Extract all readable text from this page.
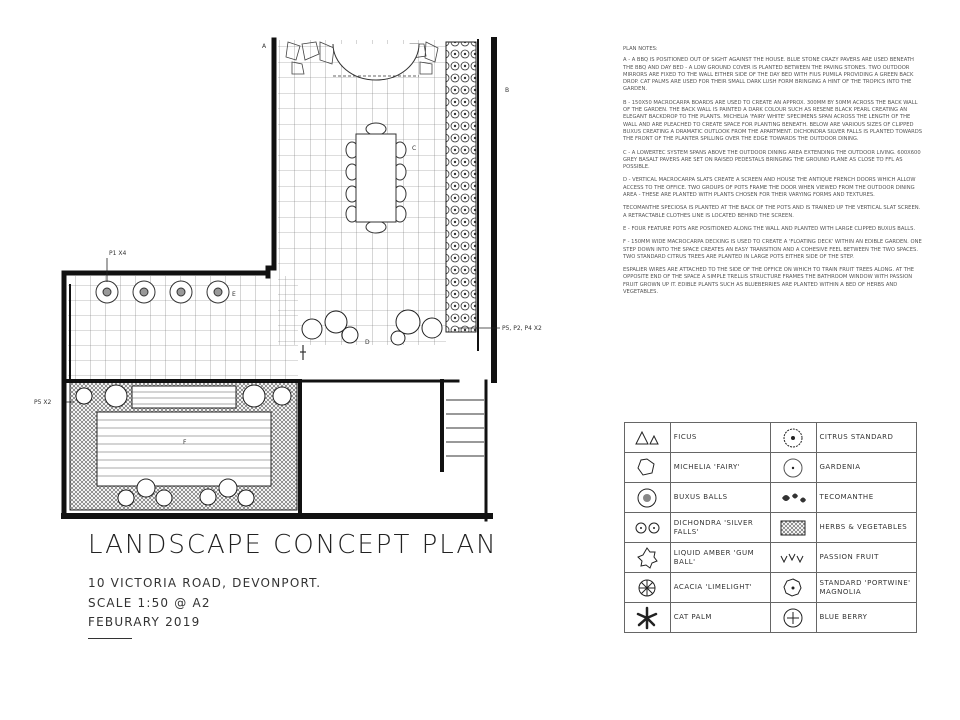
A
B
C
D
E
F
P1 X4
P5 X2
P5, P2, P4 X2
LANDSCAPE CONCEPT PLAN
10 VICTORIA ROAD, DEVONPORT.
SCALE 1:50 @ A2
FEBURARY 2019
PLAN NOTES:

A - A BBQ IS POSITIONED OUT OF SIGHT AGAINST THE HOUSE. BLUE STONE CRAZY PAVERS ARE USED BENEATH THE BBQ AND DAY BED - A LOW GROUND COVER IS PLANTED BETWEEN THE PAVING STONES. TWO OUTDOOR MIRRORS ARE FIXED TO THE WALL EITHER SIDE OF THE DAY BED WITH FIUS PUMILA PROVIDING A GREEN BACK DROP. CAT PALMS ARE USED FOR THEIR SMALL DARK LUSH FORM BRINGING A HINT OF THE TROPICS INTO THE GARDEN.

B - 150X50 MACROCARPA BOARDS ARE USED TO CREATE AN APPROX. 300MM BY 50MM ACROSS THE BACK WALL OF THE GARDEN. THE BACK WALL IS PAINTED A DARK COLOUR SUCH AS RESENE BLACK PEARL CREATING AN ELEGANT BACKDROP TO THE PLANTS. MICHELIA 'FAIRY WHITE' SPECIMENS SPAN ACROSS THE LENGTH OF THE WALL AND ARE PLEACHED TO CREATE SPACE FOR PLANTING BENEATH. BELOW ARE VARIOUS SIZES OF CLIPPED BUXUS CREATING A DRAMATIC OUTLOOK FROM THE APARTMENT. DICHONDRA SILVER FALLS IS PLANTED TOWARDS THE FRONT OF THE PLANTER SPILLING OVER THE EDGE TOWARDS THE OUTDOOR DINING.

C - A LOWERTEC SYSTEM SPANS ABOVE THE OUTDOOR DINING AREA EXTENDING THE OUTDOOR LIVING. 600X600 GREY BASALT PAVERS ARE SET ON RAISED PEDESTALS BRINGING THE GROUND PLANE AS CLOSE TO FFL AS POSSIBLE.

D - VERTICAL MACROCARPA SLATS CREATE A SCREEN AND HOUSE THE ANTIQUE FRENCH DOORS WHICH ALLOW ACCESS TO THE OFFICE. TWO GROUPS OF POTS FRAME THE DOOR WHEN VIEWED FROM THE OUTDOOR DINING AREA - THESE ARE PLANTED WITH PLANTS CHOSEN FOR THEIR VARYING FORMS AND TEXTURES.

TECOMANTHE SPECIOSA IS PLANTED AT THE BACK OF THE POTS AND IS TRAINED UP THE VERTICAL SLAT SCREEN. A RETRACTABLE CLOTHES LINE IS LOCATED BEHIND THE SCREEN.

E - FOUR FEATURE POTS ARE POSITIONED ALONG THE WALL AND PLANTED WITH LARGE CLIPPED BUXUS BALLS.

F - 150MM WIDE MACROCARPA DECKING IS USED TO CREATE A 'FLOATING DECK' WITHIN AN EDIBLE GARDEN. ONE STEP DOWN INTO THE SPACE CREATES AN EASY TRANSITION AND A COHESIVE FEEL BETWEEN THE TWO SPACES. TWO STANDARD CITRUS TREES ARE PLANTED IN LARGE POTS EITHER SIDE OF THE STEP.

ESPALIER WIRES ARE ATTACHED TO THE SIDE OF THE OFFICE ON WHICH TO TRAIN FRUIT TREES ALONG. AT THE OPPOSITE END OF THE SPACE A SIMPLE TRELLIS STRUCTURE FRAMES THE BATHROOM WINDOW WITH PASSION FRUIT GROWN UP IT. EDIBLE PLANTS SUCH AS BLUEBERRIES ARE PLANTED WITHIN A BED OF HERBS AND VEGETABLES.

	FICUS		CITRUS STANDARD

	MICHELIA 'FAIRY'		GARDENIA

	BUXUS BALLS		TECOMANTHE

	DICHONDRA 'SILVER FALLS'		HERBS & VEGETABLES

	LIQUID AMBER 'GUM BALL'		PASSION FRUIT

	ACACIA 'LIMELIGHT'		STANDARD 'PORTWINE' MAGNOLIA

	CAT PALM		BLUE BERRY
